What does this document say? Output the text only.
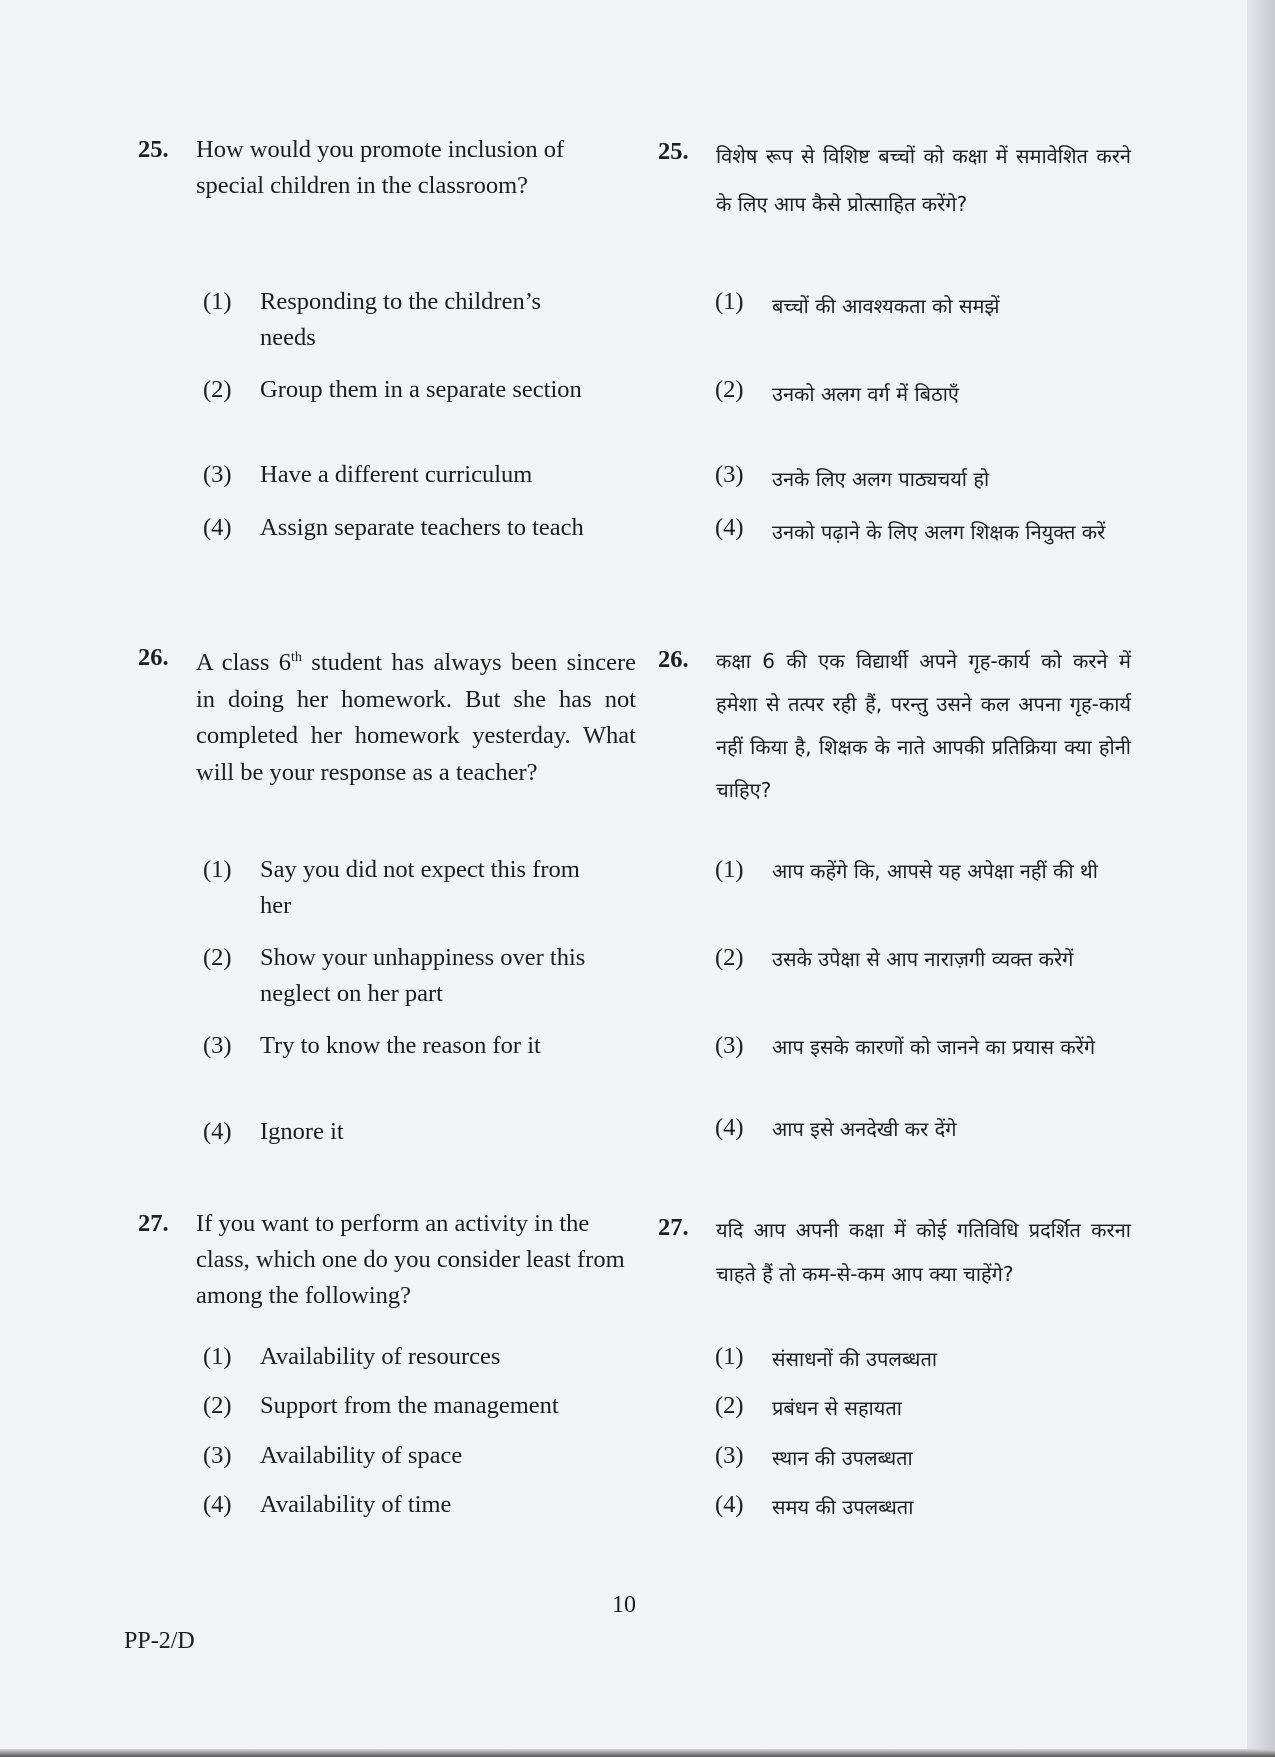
25. How would you promote inclusion of special children in the classroom?
(1) Responding to the children’s needs
(2) Group them in a separate section
(3) Have a different curriculum
(4) Assign separate teachers to teach
25. विशेष रूप से विशिष्ट बच्चों को कक्षा में समावेशित करने के लिए आप कैसे प्रोत्साहित करेंगे?
(1) बच्चों की आवश्यकता को समझें
(2) उनको अलग वर्ग में बिठाएँ
(3) उनके लिए अलग पाठ्यचर्या हो
(4) उनको पढ़ाने के लिए अलग शिक्षक नियुक्त करें
26. A class 6th student has always been sincere in doing her homework. But she has not completed her homework yesterday. What will be your response as a teacher?
(1) Say you did not expect this from her
(2) Show your unhappiness over this neglect on her part
(3) Try to know the reason for it
(4) Ignore it
26. कक्षा 6 की एक विद्यार्थी अपने गृह-कार्य को करने में हमेशा से तत्पर रही हैं, परन्तु उसने कल अपना गृह-कार्य नहीं किया है, शिक्षक के नाते आपकी प्रतिक्रिया क्या होनी चाहिए?
(1) आप कहेंगे कि, आपसे यह अपेक्षा नहीं की थी
(2) उसके उपेक्षा से आप नाराज़गी व्यक्त करेगें
(3) आप इसके कारणों को जानने का प्रयास करेंगे
(4) आप इसे अनदेखी कर देंगे
27. If you want to perform an activity in the class, which one do you consider least from among the following?
(1) Availability of resources
(2) Support from the management
(3) Availability of space
(4) Availability of time
27. यदि आप अपनी कक्षा में कोई गतिविधि प्रदर्शित करना चाहते हैं तो कम-से-कम आप क्या चाहेंगे?
(1) संसाधनों की उपलब्धता
(2) प्रबंधन से सहायता
(3) स्थान की उपलब्धता
(4) समय की उपलब्धता
10
PP-2/D
